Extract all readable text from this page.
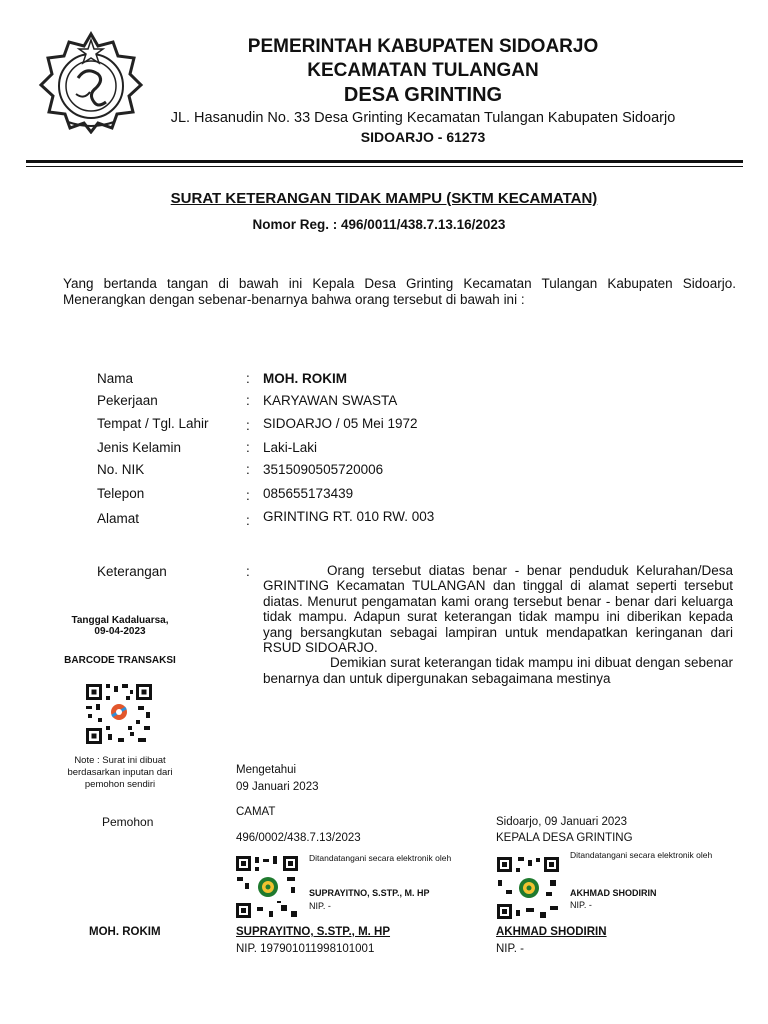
PEMERINTAH KABUPATEN SIDOARJO
KECAMATAN TULANGAN
DESA GRINTING
JL. Hasanudin No. 33 Desa Grinting Kecamatan Tulangan Kabupaten Sidoarjo
SIDOARJO - 61273
SURAT KETERANGAN TIDAK MAMPU (SKTM KECAMATAN)
Nomor Reg. : 496/0011/438.7.13.16/2023
Yang bertanda tangan di bawah ini Kepala Desa Grinting Kecamatan Tulangan Kabupaten Sidoarjo. Menerangkan dengan sebenar-benarnya bahwa orang tersebut di bawah ini :
Nama	: MOH. ROKIM
Pekerjaan	: KARYAWAN SWASTA
Tempat / Tgl. Lahir	: SIDOARJO / 05 Mei 1972
Jenis Kelamin	: Laki-Laki
No. NIK	: 3515090505720006
Telepon	: 085655173439
Alamat	: GRINTING RT. 010 RW. 003
Keterangan	:	Orang tersebut diatas benar - benar penduduk Kelurahan/Desa GRINTING Kecamatan TULANGAN dan tinggal di alamat seperti tersebut diatas. Menurut pengamatan kami orang tersebut benar - benar dari keluarga tidak mampu. Adapun surat keterangan tidak mampu ini diberikan kepada yang bersangkutan sebagai lampiran untuk mendapatkan keringanan dari RSUD SIDOARJO.

Demikian surat keterangan tidak mampu ini dibuat dengan sebenar benarnya dan untuk dipergunakan sebagaimana mestinya

Tanggal Kadaluarsa,
09-04-2023
BARCODE TRANSAKSI
Note : Surat ini dibuat berdasarkan inputan dari pemohon sendiri
Pemohon
MOH. ROKIM
Mengetahui
09 Januari 2023
CAMAT
496/0002/438.7.13/2023
Ditandatangani secara elektronik oleh
SUPRAYITNO, S.STP., M. HP
NIP. -
SUPRAYITNO, S.STP., M. HP
NIP. 197901011998101001
Sidoarjo, 09 Januari 2023
KEPALA DESA GRINTING
Ditandatangani secara elektronik oleh
AKHMAD SHODIRIN
NIP. -
AKHMAD SHODIRIN
NIP. -
